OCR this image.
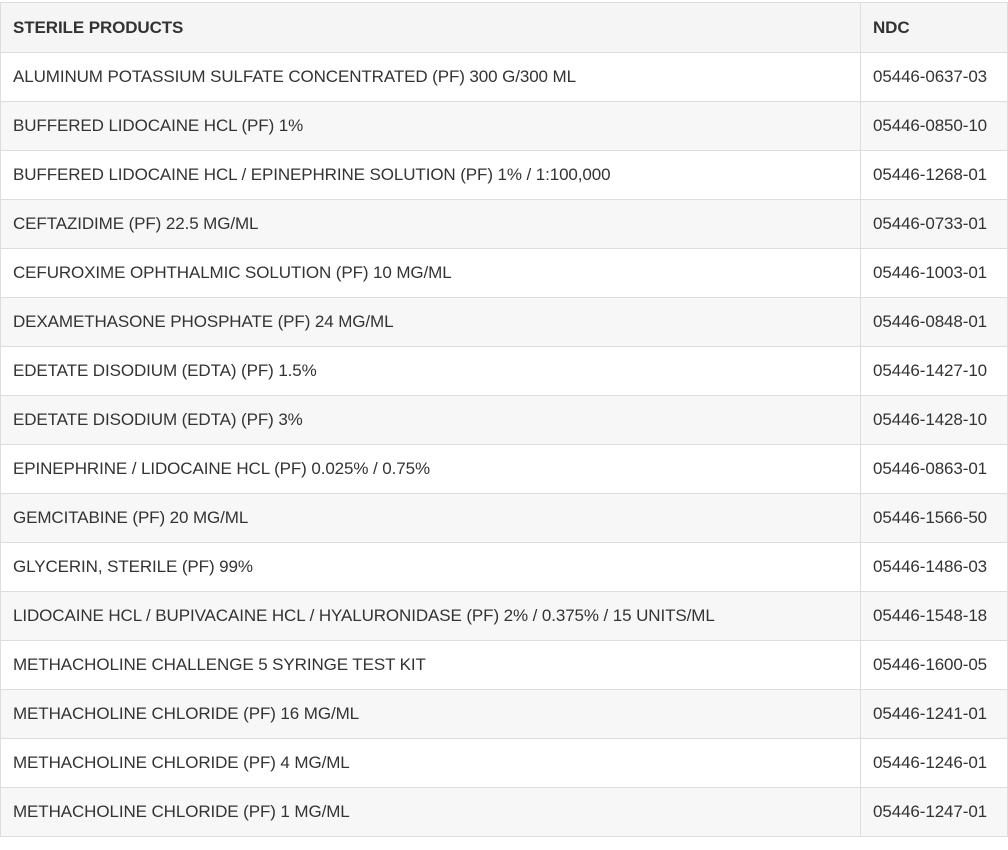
STERILE PRODUCTS	NDC
ALUMINUM POTASSIUM SULFATE CONCENTRATED (PF) 300 G/300 ML	05446-0637-03
BUFFERED LIDOCAINE HCL (PF) 1%	05446-0850-10
BUFFERED LIDOCAINE HCL / EPINEPHRINE SOLUTION (PF) 1% / 1:100,000	05446-1268-01
CEFTAZIDIME (PF) 22.5 MG/ML	05446-0733-01
CEFUROXIME OPHTHALMIC SOLUTION (PF) 10 MG/ML	05446-1003-01
DEXAMETHASONE PHOSPHATE (PF) 24 MG/ML	05446-0848-01
EDETATE DISODIUM (EDTA) (PF) 1.5%	05446-1427-10
EDETATE DISODIUM (EDTA) (PF) 3%	05446-1428-10
EPINEPHRINE / LIDOCAINE HCL (PF) 0.025% / 0.75%	05446-0863-01
GEMCITABINE (PF) 20 MG/ML	05446-1566-50
GLYCERIN, STERILE (PF) 99%	05446-1486-03
LIDOCAINE HCL / BUPIVACAINE HCL / HYALURONIDASE (PF) 2% / 0.375% / 15 UNITS/ML	05446-1548-18
METHACHOLINE CHALLENGE 5 SYRINGE TEST KIT	05446-1600-05
METHACHOLINE CHLORIDE (PF) 16 MG/ML	05446-1241-01
METHACHOLINE CHLORIDE (PF) 4 MG/ML	05446-1246-01
METHACHOLINE CHLORIDE (PF) 1 MG/ML	05446-1247-01
